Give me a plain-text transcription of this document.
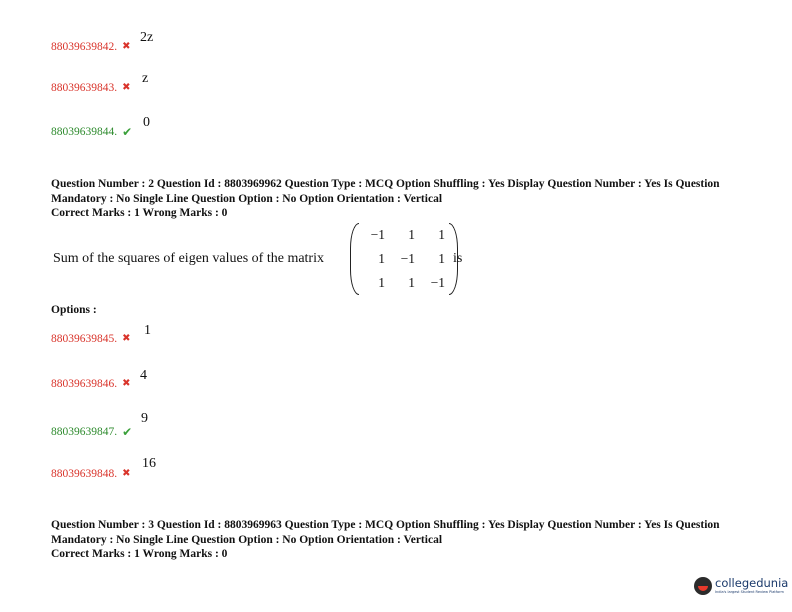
88039639842. ✖
2z
88039639843. ✖
z
88039639844. ✔
0
Question Number : 2 Question Id : 8803969962 Question Type : MCQ Option Shuffling : Yes Display Question Number : Yes Is Question
Mandatory : No Single Line Question Option : No Option Orientation : Vertical
Correct Marks : 1 Wrong Marks : 0
Sum of the squares of eigen values of the matrix
−1	1	1
1	−1	1
1	1	−1
is
Options :
88039639845. ✖
1
88039639846. ✖
4
88039639847. ✔
9
88039639848. ✖
16
Question Number : 3 Question Id : 8803969963 Question Type : MCQ Option Shuffling : Yes Display Question Number : Yes Is Question
Mandatory : No Single Line Question Option : No Option Orientation : Vertical
Correct Marks : 1 Wrong Marks : 0
collegedunia
India's largest Student Review Platform
